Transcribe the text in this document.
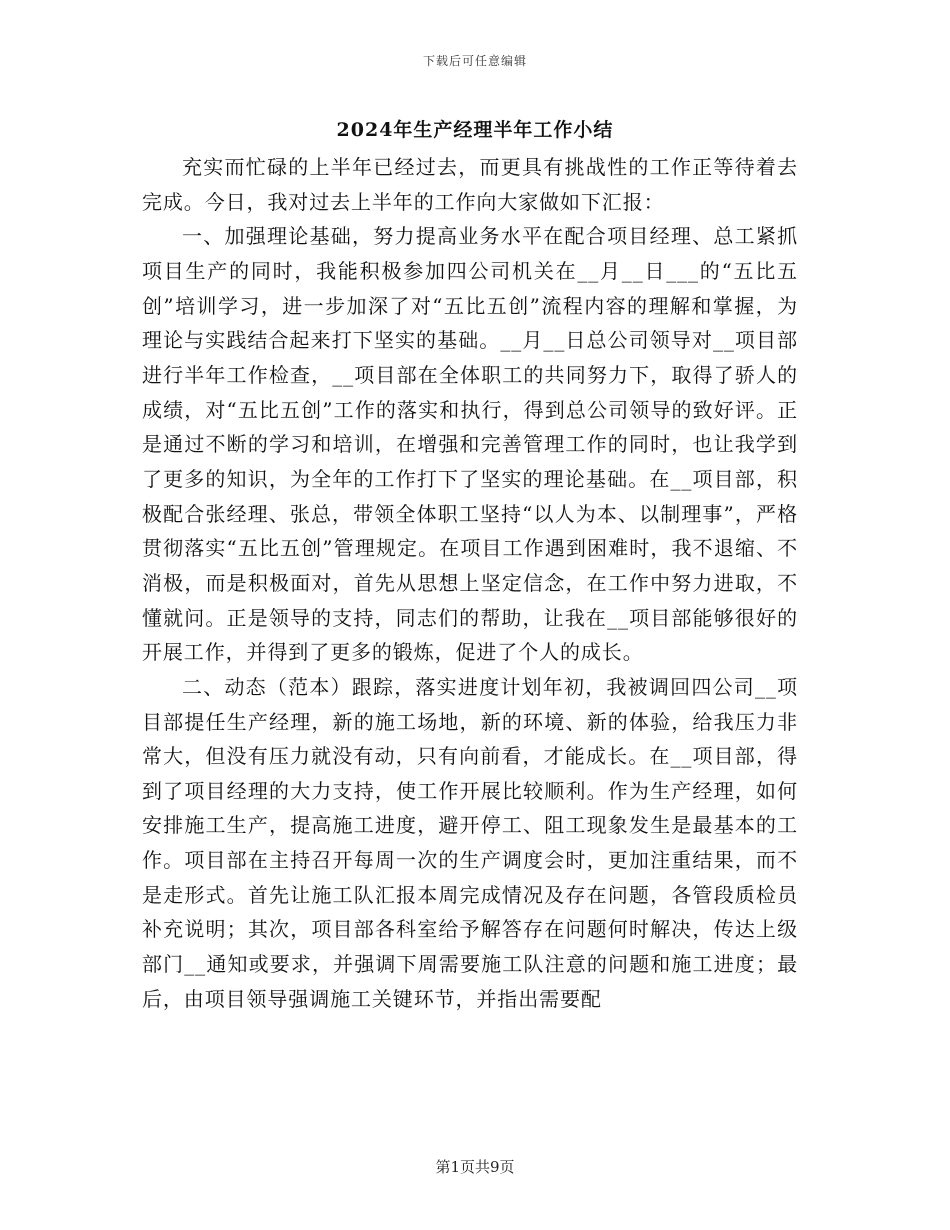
下载后可任意编辑
2024年生产经理半年工作小结

充实而忙碌的上半年已经过去，而更具有挑战性的工作正等待着去完成。今日，我对过去上半年的工作向大家做如下汇报：

一、加强理论基础，努力提高业务水平在配合项目经理、总工紧抓项目生产的同时，我能积极参加四公司机关在__月__日___的“五比五创”培训学习，进一步加深了对“五比五创”流程内容的理解和掌握，为理论与实践结合起来打下坚实的基础。__月__日总公司领导对__项目部进行半年工作检查，__项目部在全体职工的共同努力下，取得了骄人的成绩，对“五比五创”工作的落实和执行，得到总公司领导的致好评。正是通过不断的学习和培训，在增强和完善管理工作的同时，也让我学到了更多的知识，为全年的工作打下了坚实的理论基础。在__项目部，积极配合张经理、张总，带领全体职工坚持“以人为本、以制理事”，严格贯彻落实“五比五创”管理规定。在项目工作遇到困难时，我不退缩、不消极，而是积极面对，首先从思想上坚定信念，在工作中努力进取，不懂就问。正是领导的支持，同志们的帮助，让我在__项目部能够很好的开展工作，并得到了更多的锻炼，促进了个人的成长。

二、动态（范本）跟踪，落实进度计划年初，我被调回四公司__项目部提任生产经理，新的施工场地，新的环境、新的体验，给我压力非常大，但没有压力就没有动，只有向前看，才能成长。在__项目部，得到了项目经理的大力支持，使工作开展比较顺利。作为生产经理，如何安排施工生产，提高施工进度，避开停工、阻工现象发生是最基本的工作。项目部在主持召开每周一次的生产调度会时，更加注重结果，而不是走形式。首先让施工队汇报本周完成情况及存在问题，各管段质检员补充说明；其次，项目部各科室给予解答存在问题何时解决，传达上级部门__通知或要求，并强调下周需要施工队注意的问题和施工进度；最后，由项目领导强调施工关键环节，并指出需要配

第1页共9页
